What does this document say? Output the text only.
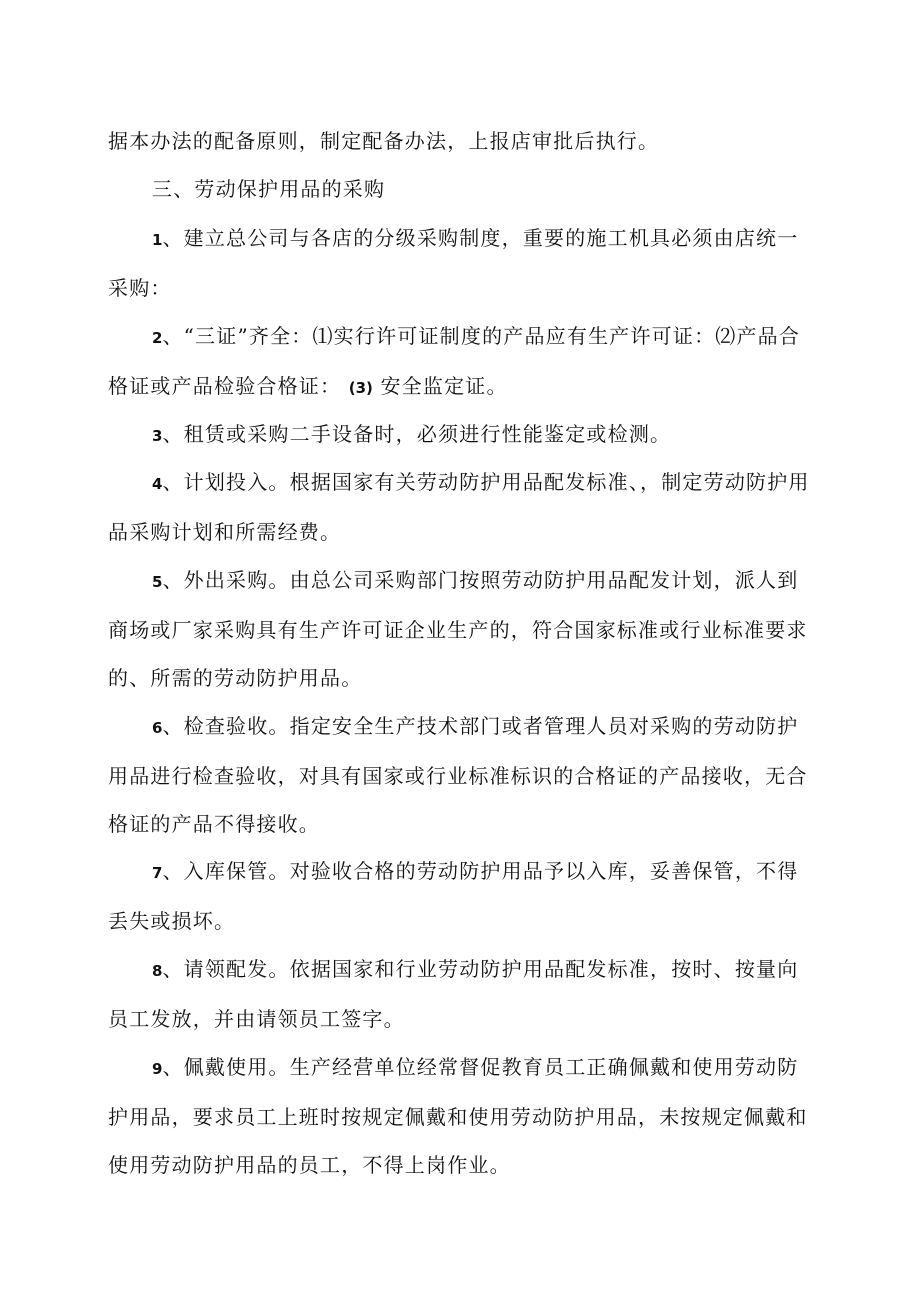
据本办法的配备原则，制定配备办法，上报店审批后执行。

三、劳动保护用品的采购

1、建立总公司与各店的分级采购制度，重要的施工机具必须由店统一采购：

2、“三证”齐全：⑴实行许可证制度的产品应有生产许可证：⑵产品合格证或产品检验合格证： (3) 安全监定证。

3、租赁或采购二手设备时，必须进行性能鉴定或检测。

4、计划投入。根据国家有关劳动防护用品配发标准、，制定劳动防护用品采购计划和所需经费。

5、外出采购。由总公司采购部门按照劳动防护用品配发计划，派人到商场或厂家采购具有生产许可证企业生产的，符合国家标准或行业标准要求的、所需的劳动防护用品。

6、检查验收。指定安全生产技术部门或者管理人员对采购的劳动防护用品进行检查验收，对具有国家或行业标准标识的合格证的产品接收，无合格证的产品不得接收。

7、入库保管。对验收合格的劳动防护用品予以入库，妥善保管，不得丢失或损坏。

8、请领配发。依据国家和行业劳动防护用品配发标准，按时、按量向员工发放，并由请领员工签字。

9、佩戴使用。生产经营单位经常督促教育员工正确佩戴和使用劳动防护用品，要求员工上班时按规定佩戴和使用劳动防护用品，未按规定佩戴和使用劳动防护用品的员工，不得上岗作业。
